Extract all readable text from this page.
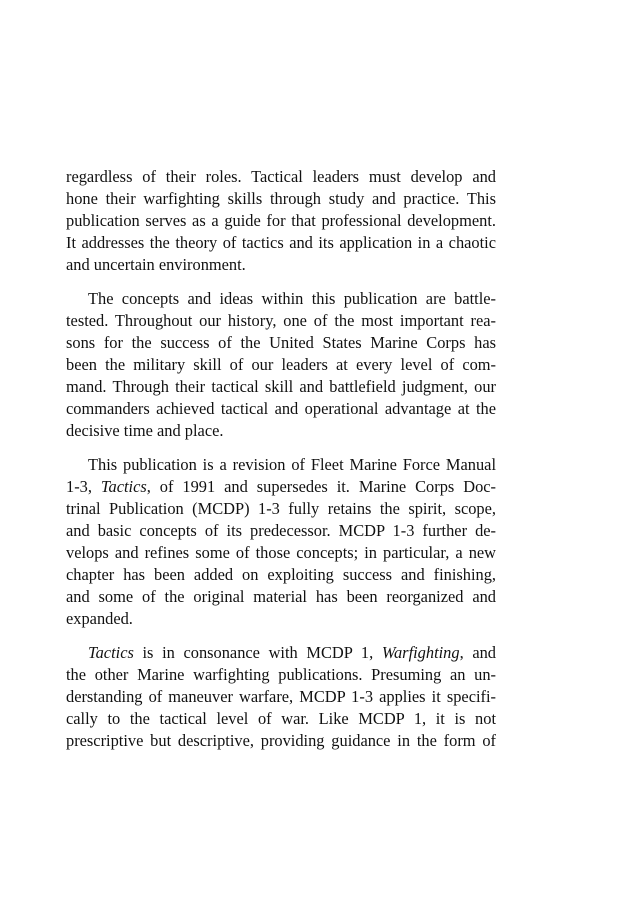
regardless of their roles. Tactical leaders must develop and
hone their warfighting skills through study and practice. This
publication serves as a guide for that professional development.
It addresses the theory of tactics and its application in a chaotic
and uncertain environment.
The concepts and ideas within this publication are battle-
tested. Throughout our history, one of the most important rea-
sons for the success of the United States Marine Corps has
been the military skill of our leaders at every level of com-
mand. Through their tactical skill and battlefield judgment, our
commanders achieved tactical and operational advantage at the
decisive time and place.
This publication is a revision of Fleet Marine Force Manual
1-3, Tactics, of 1991 and supersedes it. Marine Corps Doc-
trinal Publication (MCDP) 1-3 fully retains the spirit, scope,
and basic concepts of its predecessor. MCDP 1-3 further de-
velops and refines some of those concepts; in particular, a new
chapter has been added on exploiting success and finishing,
and some of the original material has been reorganized and
expanded.
Tactics is in consonance with MCDP 1, Warfighting, and
the other Marine warfighting publications. Presuming an un-
derstanding of maneuver warfare, MCDP 1-3 applies it specifi-
cally to the tactical level of war. Like MCDP 1, it is not
prescriptive but descriptive, providing guidance in the form of
